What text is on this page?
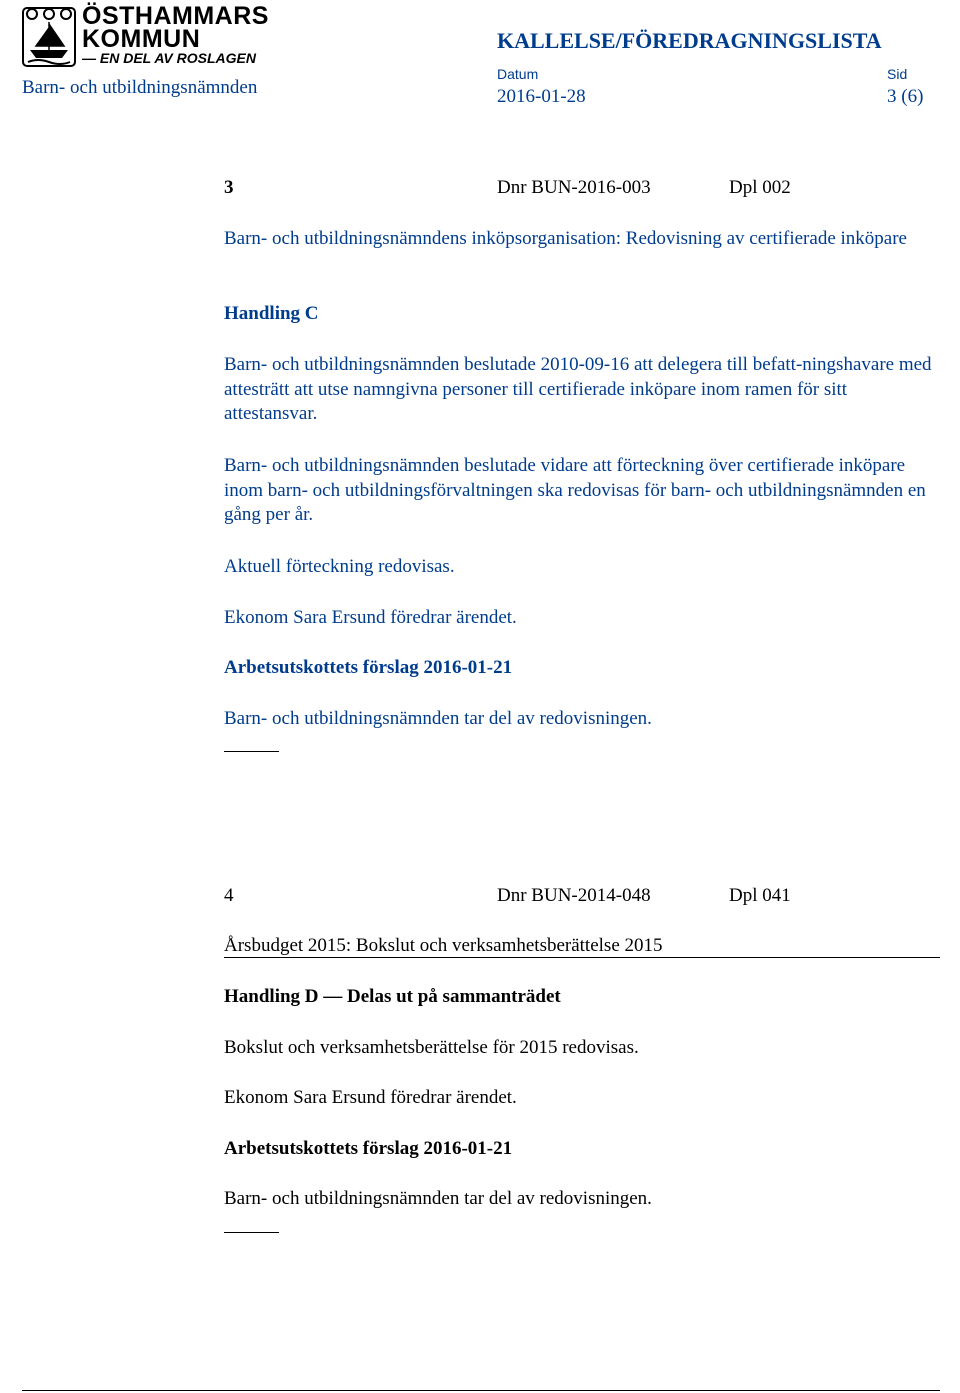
ÖSTHAMMARS
KOMMUN
— EN DEL AV ROSLAGEN
KALLELSE/FÖREDRAGNINGSLISTA
Barn- och utbildningsnämnden
Datum
2016-01-28
Sid
3 (6)
3	Dnr BUN-2016-003	Dpl 002
Barn- och utbildningsnämndens inköpsorganisation: Redovisning av certifierade inköpare
Handling C
Barn- och utbildningsnämnden beslutade 2010-09-16 att delegera till befatt-ningshavare med attesträtt att utse namngivna personer till certifierade inköpare inom ramen för sitt attestansvar.
Barn- och utbildningsnämnden beslutade vidare att förteckning över certifierade inköpare inom barn- och utbildningsförvaltningen ska redovisas för barn- och utbildningsnämnden en gång per år.
Aktuell förteckning redovisas.
Ekonom Sara Ersund föredrar ärendet.
Arbetsutskottets förslag 2016-01-21
Barn- och utbildningsnämnden tar del av redovisningen.
4	Dnr BUN-2014-048	Dpl 041
Årsbudget 2015: Bokslut och verksamhetsberättelse 2015
Handling D — Delas ut på sammanträdet
Bokslut och verksamhetsberättelse för 2015 redovisas.
Ekonom Sara Ersund föredrar ärendet.
Arbetsutskottets förslag 2016-01-21
Barn- och utbildningsnämnden tar del av redovisningen.
